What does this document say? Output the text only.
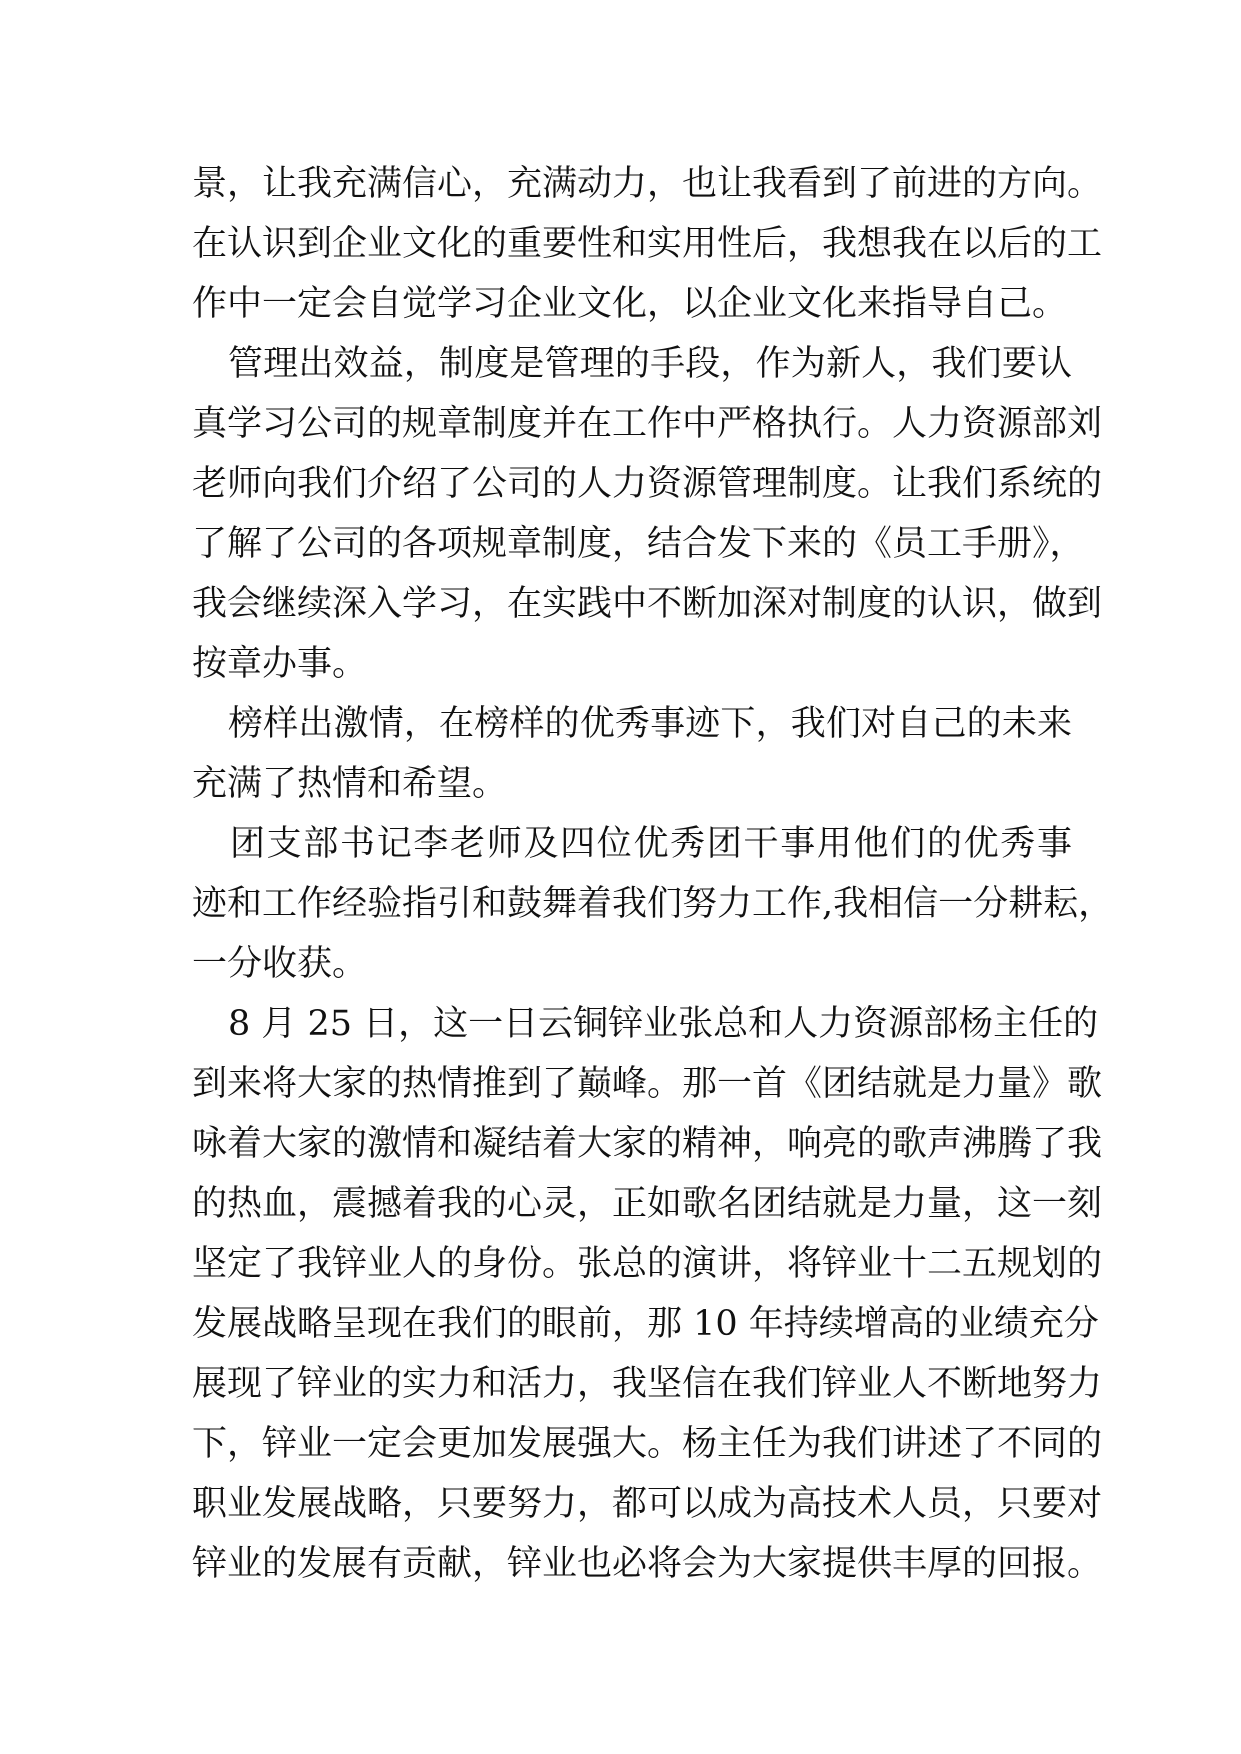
景，让我充满信心，充满动力，也让我看到了前进的方向。
在认识到企业文化的重要性和实用性后，我想我在以后的工
作中一定会自觉学习企业文化，以企业文化来指导自己。
管理出效益，制度是管理的手段，作为新人，我们要认
真学习公司的规章制度并在工作中严格执行。人力资源部刘
老师向我们介绍了公司的人力资源管理制度。让我们系统的
了解了公司的各项规章制度，结合发下来的《员工手册》，
我会继续深入学习，在实践中不断加深对制度的认识，做到
按章办事。
榜样出激情，在榜样的优秀事迹下，我们对自己的未来
充满了热情和希望。
团支部书记李老师及四位优秀团干事用他们的优秀事
迹和工作经验指引和鼓舞着我们努力工作,我相信一分耕耘，
一分收获。
8 月 25 日，这一日云铜锌业张总和人力资源部杨主任的
到来将大家的热情推到了巅峰。那一首《团结就是力量》歌
咏着大家的激情和凝结着大家的精神，响亮的歌声沸腾了我
的热血，震撼着我的心灵，正如歌名团结就是力量，这一刻
坚定了我锌业人的身份。张总的演讲，将锌业十二五规划的
发展战略呈现在我们的眼前，那 10 年持续增高的业绩充分
展现了锌业的实力和活力，我坚信在我们锌业人不断地努力
下，锌业一定会更加发展强大。杨主任为我们讲述了不同的
职业发展战略，只要努力，都可以成为高技术人员，只要对
锌业的发展有贡献，锌业也必将会为大家提供丰厚的回报。
